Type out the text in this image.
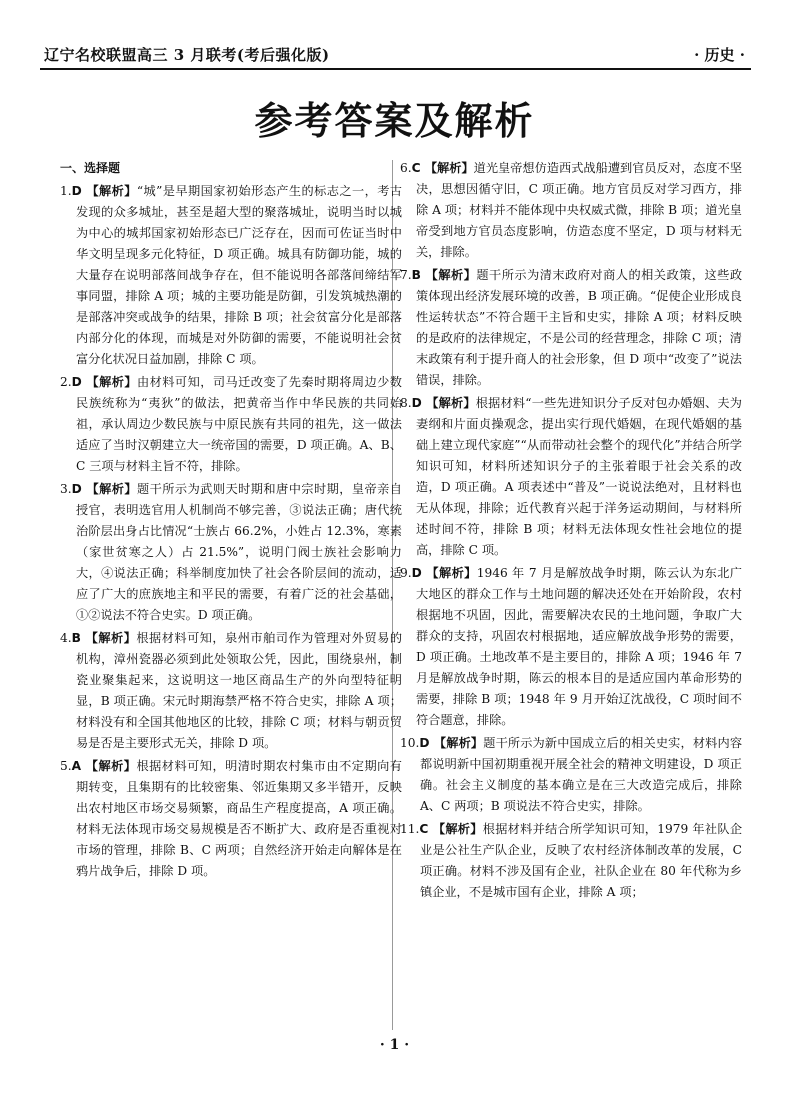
辽宁名校联盟高三 3 月联考(考后强化版)	· 历史 ·
参考答案及解析
一、选择题

1.D 【解析】“城”是早期国家初始形态产生的标志之一，考古发现的众多城址，甚至是超大型的聚落城址，说明当时以城为中心的城邦国家初始形态已广泛存在，因而可佐证当时中华文明呈现多元化特征，D 项正确。城具有防御功能，城的大量存在说明部落间战争存在，但不能说明各部落间缔结军事同盟，排除 A 项；城的主要功能是防御，引发筑城热潮的是部落冲突或战争的结果，排除 B 项；社会贫富分化是部落内部分化的体现，而城是对外防御的需要，不能说明社会贫富分化状况日益加剧，排除 C 项。

2.D 【解析】由材料可知，司马迁改变了先秦时期将周边少数民族统称为“夷狄”的做法，把黄帝当作中华民族的共同始祖，承认周边少数民族与中原民族有共同的祖先，这一做法适应了当时汉朝建立大一统帝国的需要，D 项正确。A、B、C 三项与材料主旨不符，排除。

3.D 【解析】题干所示为武则天时期和唐中宗时期，皇帝亲自授官，表明选官用人机制尚不够完善，③说法正确；唐代统治阶层出身占比情况“士族占 66.2%，小姓占 12.3%，寒素（家世贫寒之人）占 21.5%”，说明门阀士族社会影响力大，④说法正确；科举制度加快了社会各阶层间的流动，适应了广大的庶族地主和平民的需要，有着广泛的社会基础，①②说法不符合史实。D 项正确。

4.B 【解析】根据材料可知，泉州市舶司作为管理对外贸易的机构，漳州瓷器必须到此处领取公凭，因此，围绕泉州，制瓷业聚集起来，这说明这一地区商品生产的外向型特征明显，B 项正确。宋元时期海禁严格不符合史实，排除 A 项；材料没有和全国其他地区的比较，排除 C 项；材料与朝贡贸易是否是主要形式无关，排除 D 项。

5.A 【解析】根据材料可知，明清时期农村集市由不定期向有期转变，且集期有的比较密集、邻近集期又多半错开，反映出农村地区市场交易频繁，商品生产程度提高，A 项正确。材料无法体现市场交易规模是否不断扩大、政府是否重视对市场的管理，排除 B、C 两项；自然经济开始走向解体是在鸦片战争后，排除 D 项。

6.C 【解析】道光皇帝想仿造西式战船遭到官员反对，态度不坚决，思想因循守旧，C 项正确。地方官员反对学习西方，排除 A 项；材料并不能体现中央权威式微，排除 B 项；道光皇帝受到地方官员态度影响，仿造态度不坚定，D 项与材料无关，排除。

7.B 【解析】题干所示为清末政府对商人的相关政策，这些政策体现出经济发展环境的改善，B 项正确。“促使企业形成良性运转状态”不符合题干主旨和史实，排除 A 项；材料反映的是政府的法律规定，不是公司的经营理念，排除 C 项；清末政策有利于提升商人的社会形象，但 D 项中“改变了”说法错误，排除。

8.D 【解析】根据材料“一些先进知识分子反对包办婚姻、夫为妻纲和片面贞操观念，提出实行现代婚姻，在现代婚姻的基础上建立现代家庭”“从而带动社会整个的现代化”并结合所学知识可知，材料所述知识分子的主张着眼于社会关系的改造，D 项正确。A 项表述中“普及”一说说法绝对，且材料也无从体现，排除；近代教育兴起于洋务运动期间，与材料所述时间不符，排除 B 项；材料无法体现女性社会地位的提高，排除 C 项。

9.D 【解析】1946 年 7 月是解放战争时期，陈云认为东北广大地区的群众工作与土地问题的解决还处在开始阶段，农村根据地不巩固，因此，需要解决农民的土地问题，争取广大群众的支持，巩固农村根据地，适应解放战争形势的需要，D 项正确。土地改革不是主要目的，排除 A 项；1946 年 7 月是解放战争时期，陈云的根本目的是适应国内革命形势的需要，排除 B 项；1948 年 9 月开始辽沈战役，C 项时间不符合题意，排除。

10.D 【解析】题干所示为新中国成立后的相关史实，材料内容都说明新中国初期重视开展全社会的精神文明建设，D 项正确。社会主义制度的基本确立是在三大改造完成后，排除 A、C 两项；B 项说法不符合史实，排除。

11.C 【解析】根据材料并结合所学知识可知，1979 年社队企业是公社生产队企业，反映了农村经济体制改革的发展，C 项正确。材料不涉及国有企业，社队企业在 80 年代称为乡镇企业，不是城市国有企业，排除 A 项；

· 1 ·
